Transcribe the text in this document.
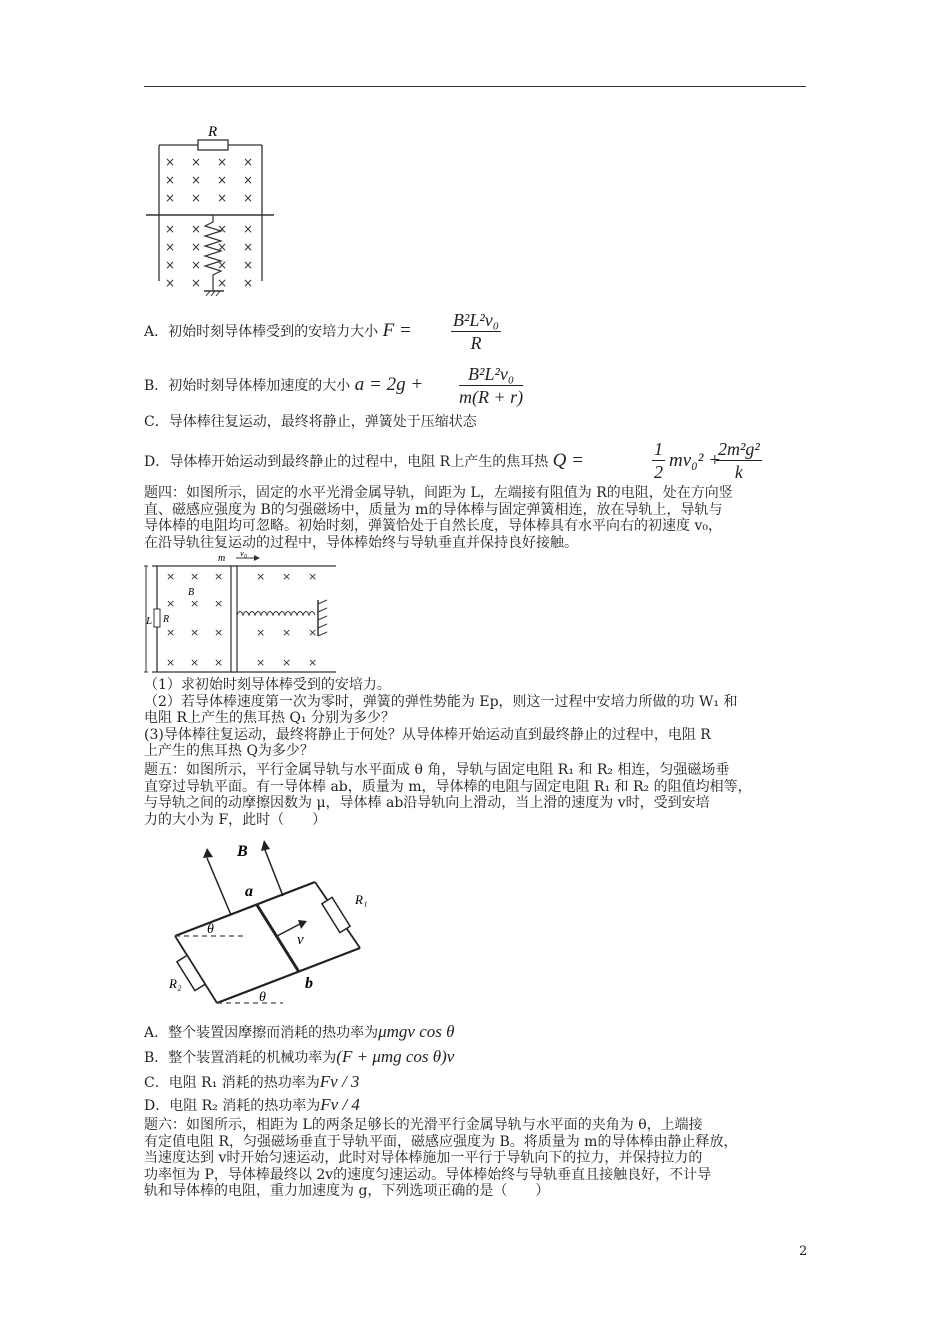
R
× × × ×
× × × ×
× × × ×
× × × ×
× × × ×
× × × ×
× × × ×
A．初始时刻导体棒受到的安培力大小 $F = \frac{\text{B²L²v₀}}{R}$
B．初始时刻导体棒加速度的大小 $a = 2g + \frac{\text{B²L²v₀}}{m(R + r)}$
C．导体棒往复运动，最终将静止，弹簧处于压缩状态
D．导体棒开始运动到最终静止的过程中，电阻 R上产生的焦耳热 Q =	$\frac{1}{2} mv_0^2$ +
$\frac{\text{2m²g²}}{k}$
题四：如图所示，固定的水平光滑金属导轨，间距为 L，左端接有阻值为 R的电阻，处在方向竖
直、磁感应强度为 B的匀强磁场中，质量为 m的导体棒与固定弹簧相连，放在导轨上，导轨与
导体棒的电阻均可忽略。初始时刻，弹簧恰处于自然长度，导体棒具有水平向右的初速度 v₀，
在沿导轨往复运动的过程中，导体棒始终与导轨垂直并保持良好接触。
m v₀
L R
B
× × ×
× × ×
× × ×
× × ×
× × ×
× × ×
× × ×
（1）求初始时刻导体棒受到的安培力。
（2）若导体棒速度第一次为零时，弹簧的弹性势能为 Ep，则这一过程中安培力所做的功 W₁ 和
电阻 R上产生的焦耳热 Q₁ 分别为多少？
(3)导体棒往复运动，最终将静止于何处？从导体棒开始运动直到最终静止的过程中，电阻 R
上产生的焦耳热 Q为多少？
题五：如图所示，平行金属导轨与水平面成 θ 角，导轨与固定电阻 R₁ 和 R₂ 相连，匀强磁场垂
直穿过导轨平面。有一导体棒 ab，质量为 m，导体棒的电阻与固定电阻 R₁ 和 R₂ 的阻值均相等，
与导轨之间的动摩擦因数为 μ，导体棒 ab沿导轨向上滑动，当上滑的速度为 v时，受到安培
力的大小为 F，此时（　　）
B
a
b
v
R₁
R₂
θ
θ
A．整个装置因摩擦而消耗的热功率为μmgv cos θ
B．整个装置消耗的机械功率为(F + μmg cos θ)v
C．电阻 R₁ 消耗的热功率为Fv / 3
D．电阻 R₂ 消耗的热功率为Fv / 4
题六：如图所示，相距为 L的两条足够长的光滑平行金属导轨与水平面的夹角为 θ，上端接
有定值电阻 R，匀强磁场垂直于导轨平面，磁感应强度为 B。将质量为 m的导体棒由静止释放，
当速度达到 v时开始匀速运动，此时对导体棒施加一平行于导轨向下的拉力，并保持拉力的
功率恒为 P，导体棒最终以 2v的速度匀速运动。导体棒始终与导轨垂直且接触良好，不计导
轨和导体棒的电阻，重力加速度为 g，下列选项正确的是（　　）
2
